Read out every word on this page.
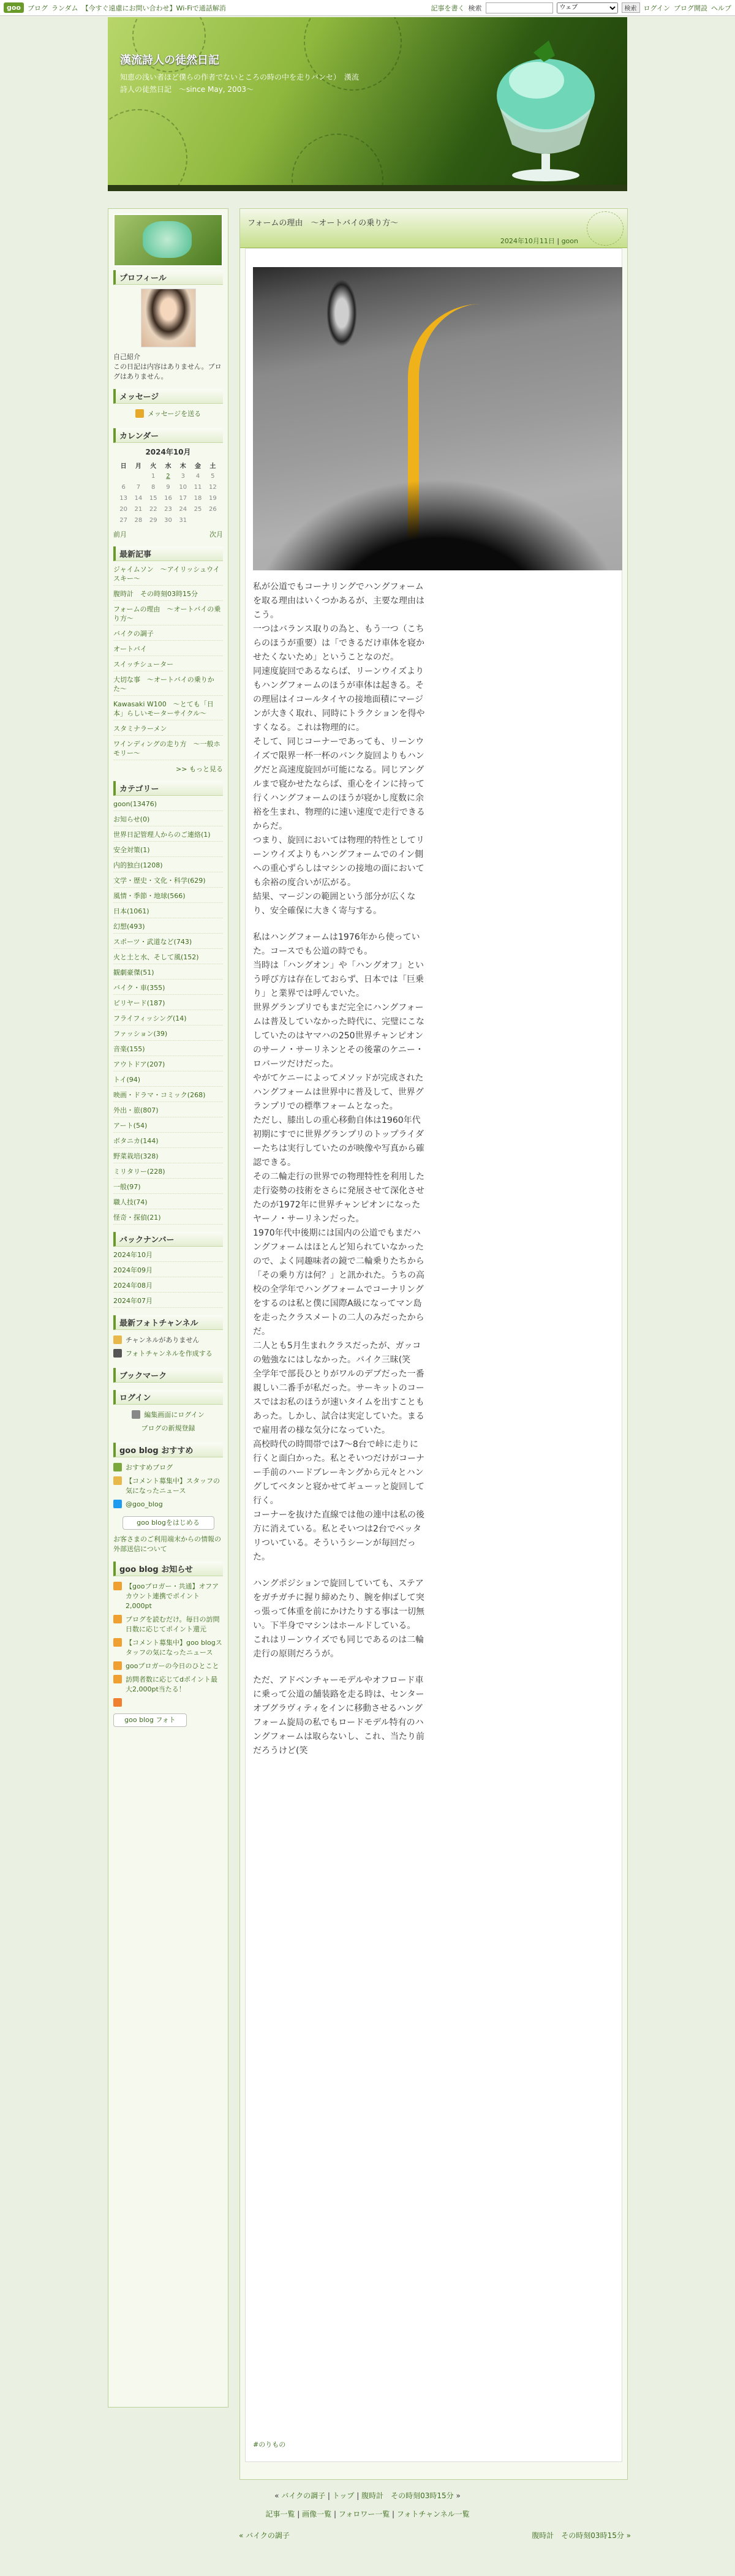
goo	ブログ ランダム 【今すぐ遠慮にお問い合わせ】Wi-Fiで通話解消	記事を書く 検索
ウェブ	検索	ログイン ブログ開設 ヘルプ
漢流詩人の徒然日記
知恵の浅い者ほど僕らの作者でないところの時の中を走りバンセ）　漢流詩人の徒然日記　〜since May, 2003〜
プロフィール
自己紹介
この日記は内容はありません。ブログはありません。
メッセージ
メッセージを送る
カレンダー
2024年10月
日	月	火	水	木	金	土
		1	2	3	4	5
6	7	8	9	10	11	12
13	14	15	16	17	18	19
20	21	22	23	24	25	26
27	28	29	30	31		
前月	次月
最新記事
ジャイムソン　〜アイリッシュウイスキー〜
腹時計　その時刻03時15分
フォームの理由　〜オートバイの乗り方〜
バイクの調子
オートバイ
スイッチシューター
大切な事　〜オートバイの乗りかた〜
Kawasaki W100　〜とても「日本」らしいモーターサイクル〜
スタミナラーメン
ワインディングの走り方　〜一般ホモリー〜
>> もっと見る
カテゴリー
goon(13476)
お知らせ(0)
世界日記管理人からのご連絡(1)
安全対策(1)
内的独白(1208)
文学・歴史・文化・科学(629)
風情・季節・地球(566)
日本(1061)
幻想(493)
スポーツ・武道など(743)
火と土と水、そして風(152)
観劇豪傑(51)
バイク・車(355)
ビリヤード(187)
フライフィッシング(14)
ファッション(39)
音楽(155)
アウトドア(207)
トイ(94)
映画・ドラマ・コミック(268)
外出・旅(807)
アート(54)
ボタニカ(144)
野菜栽培(328)
ミリタリー(228)
一般(97)
職人技(74)
怪奇・探偵(21)
バックナンバー
2024年10月
2024年09月
2024年08月
2024年07月
最新フォトチャンネル
チャンネルがありません
フォトチャンネルを作成する
ブックマーク
ログイン
編集画面にログイン
ブログの新規登録
goo blog おすすめ
おすすめブログ
【コメント募集中】スタッフの気になったニュース
@goo_blog
goo blogをはじめる
お客さまのご利用端末からの情報の外部送信について
goo blog お知らせ
【gooブロガー・共通】オフアカウント連携でポイント2,000pt
ブログを読むだけ。毎日の訪問日数に応じてポイント還元
【コメント募集中】goo blogスタッフの気になったニュース
gooブロガーの今日のひとこと
訪問者数に応じてdポイント最大2,000pt当たる！
goo blog フォト
フォームの理由　〜オートバイの乗り方〜
2024年10月11日 | goon

私が公道でもコーナリングでハングフォームを取る理由はいくつかあるが、主要な理由はこう。
一つはバランス取りの為と、もう一つ（こちらのほうが重要）は「できるだけ車体を寝かせたくないため」ということなのだ。
同速度旋回であるならば、リーンウイズよりもハングフォームのほうが車体は起きる。その理屈はイコールタイヤの接地面積にマージンが大きく取れ、同時にトラクションを得やすくなる。これは物理的に。
そして、同じコーナーであっても、リーンウイズで限界一杯一杯のバンク旋回よりもハングだと高速度旋回が可能になる。同じアングルまで寝かせたならば、重心をインに持って行くハングフォームのほうが寝かし度数に余裕を生まれ、物理的に速い速度で走行できるからだ。
つまり、旋回においては物理的特性としてリーンウイズよりもハングフォームでのイン側への重心ずらしはマシンの接地の面においても余裕の度合いが広がる。
結果、マージンの範囲という部分が広くなり、安全確保に大きく寄与する。

私はハングフォームは1976年から使っていた。コースでも公道の時でも。
当時は「ハングオン」や「ハングオフ」という呼び方は存在しておらず、日本では「巨乗り」と業界では呼んでいた。
世界グランプリでもまだ完全にハングフォームは普及していなかった時代に、完璧にこなしていたのはヤマハの250世界チャンピオンのサーノ・サーリネンとその後輩のケニー・ロバーツだけだった。
やがてケニーによってメソッドが完成されたハングフォームは世界中に普及して、世界グランプリでの標準フォームとなった。
ただし、膝出しの重心移動自体は1960年代初期にすでに世界グランプリのトップライダーたちは実行していたのが映像や写真から確認できる。
その二輪走行の世界での物理特性を利用した走行姿勢の技術をさらに発展させて深化させたのが1972年に世界チャンピオンになったヤーノ・サーリネンだった。
1970年代中後期には国内の公道でもまだハングフォームはほとんど知られていなかったので、よく同趣味者の鏡で二輪乗りたちから「その乗り方は何？」と訊かれた。うちの高校の全学年でハングフォームでコーナリングをするのは私と僕に国際A級になってマン島を走ったクラスメートの二人のみだったからだ。
二人とも5月生まれクラスだったが、ガッコの勉強なにはしなかった。バイク三昧(笑
全学年で部長ひとりがワルのデブだった一番親しい二番手が私だった。サーキットのコースではお私のほうが速いタイムを出すこともあった。しかし、試合は実定していた。まるで雇用者の様な気分になっていた。
高校時代の時間帯では7〜8台で峠に走りに行くと面白かった。私とそいつだけがコーナー手前のハードブレーキングから元々とハングしてべタンと寝かせてギューッと旋回して行く。
コーナーを抜けた直線では他の連中は私の後方に消えている。私とそいつは2台でベッタリついている。そういうシーンが毎回だった。

ハングポジションで旋回していても、ステアをガチガチに握り締めたり、腕を伸ばして突っ張って体重を前にかけたりする事は一切無い。下半身でマシンはホールドしている。
これはリーンウイズでも同じであるのは二輪走行の原則だろうが。

ただ、アドベンチャーモデルやオフロード車に乗って公道の舗装路を走る時は、センターオブグラヴィティをインに移動させるハングフォーム旋局の私でもロードモデル特有のハングフォームは取らないし、これ、当たり前だろうけど(笑

#のりもの
« バイクの調子 | トップ | 腹時計　その時刻03時15分 »
記事一覧 | 画像一覧 | フォロワー一覧 | フォトチャンネル一覧
« バイクの調子	腹時計　その時刻03時15分 »
